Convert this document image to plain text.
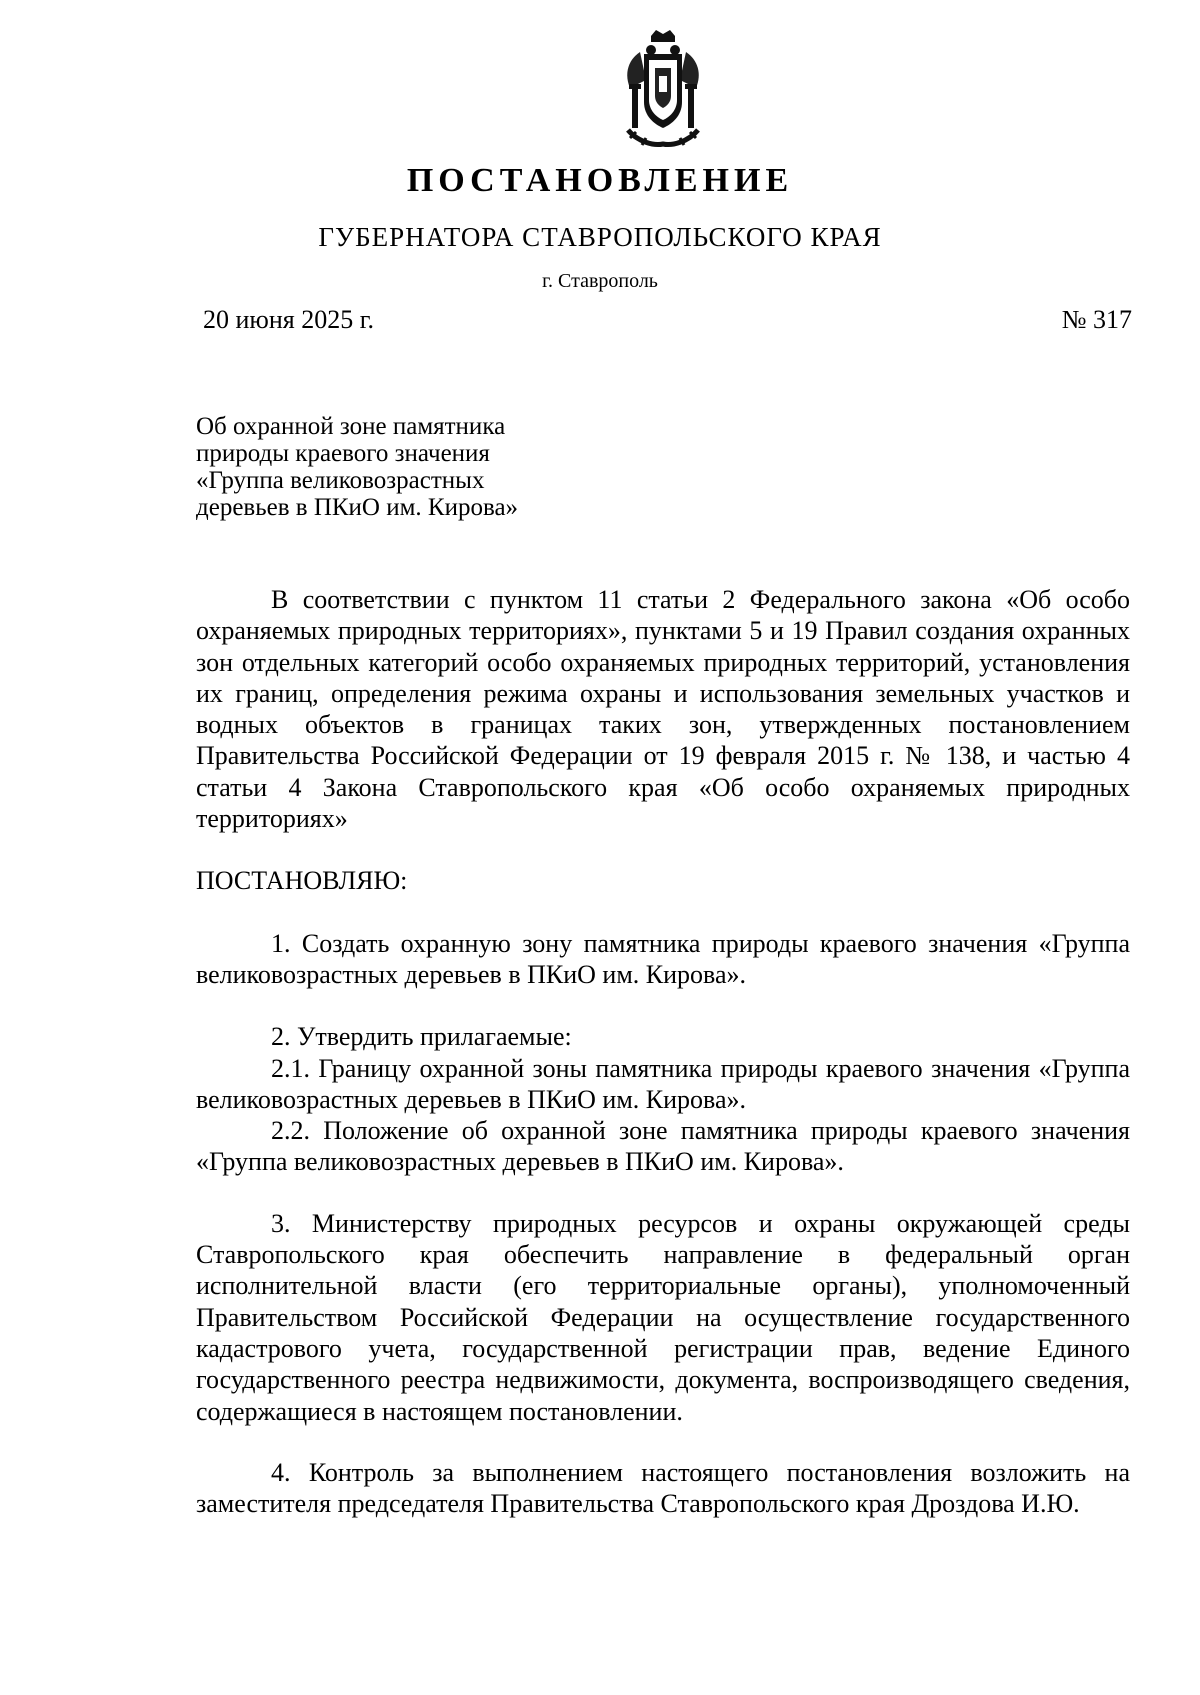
ПОСТАНОВЛЕНИЕ
ГУБЕРНАТОРА СТАВРОПОЛЬСКОГО КРАЯ
г. Ставрополь
20 июня 2025 г.	№ 317
Об охранной зоне памятника
природы краевого значения
«Группа великовозрастных
деревьев в ПКиО им. Кирова»

В соответствии с пунктом 11 статьи 2 Федерального закона «Об особо охраняемых природных территориях», пунктами 5 и 19 Правил создания охранных зон отдельных категорий особо охраняемых природных территорий, установления их границ, определения режима охраны и использования земельных участков и водных объектов в границах таких зон, утвержденных постановлением Правительства Российской Федерации от 19 февраля 2015 г. № 138, и частью 4 статьи 4 Закона Ставропольского края «Об особо охраняемых природных территориях»

ПОСТАНОВЛЯЮ:

1. Создать охранную зону памятника природы краевого значения «Группа великовозрастных деревьев в ПКиО им. Кирова».

2. Утвердить прилагаемые:

2.1. Границу охранной зоны памятника природы краевого значения «Группа великовозрастных деревьев в ПКиО им. Кирова».

2.2. Положение об охранной зоне памятника природы краевого значения «Группа великовозрастных деревьев в ПКиО им. Кирова».

3. Министерству природных ресурсов и охраны окружающей среды Ставропольского края обеспечить направление в федеральный орган исполнительной власти (его территориальные органы), уполномоченный Правительством Российской Федерации на осуществление государственного кадастрового учета, государственной регистрации прав, ведение Единого государственного реестра недвижимости, документа, воспроизводящего сведения, содержащиеся в настоящем постановлении.

4. Контроль за выполнением настоящего постановления возложить на заместителя председателя Правительства Ставропольского края Дроздова И.Ю.
